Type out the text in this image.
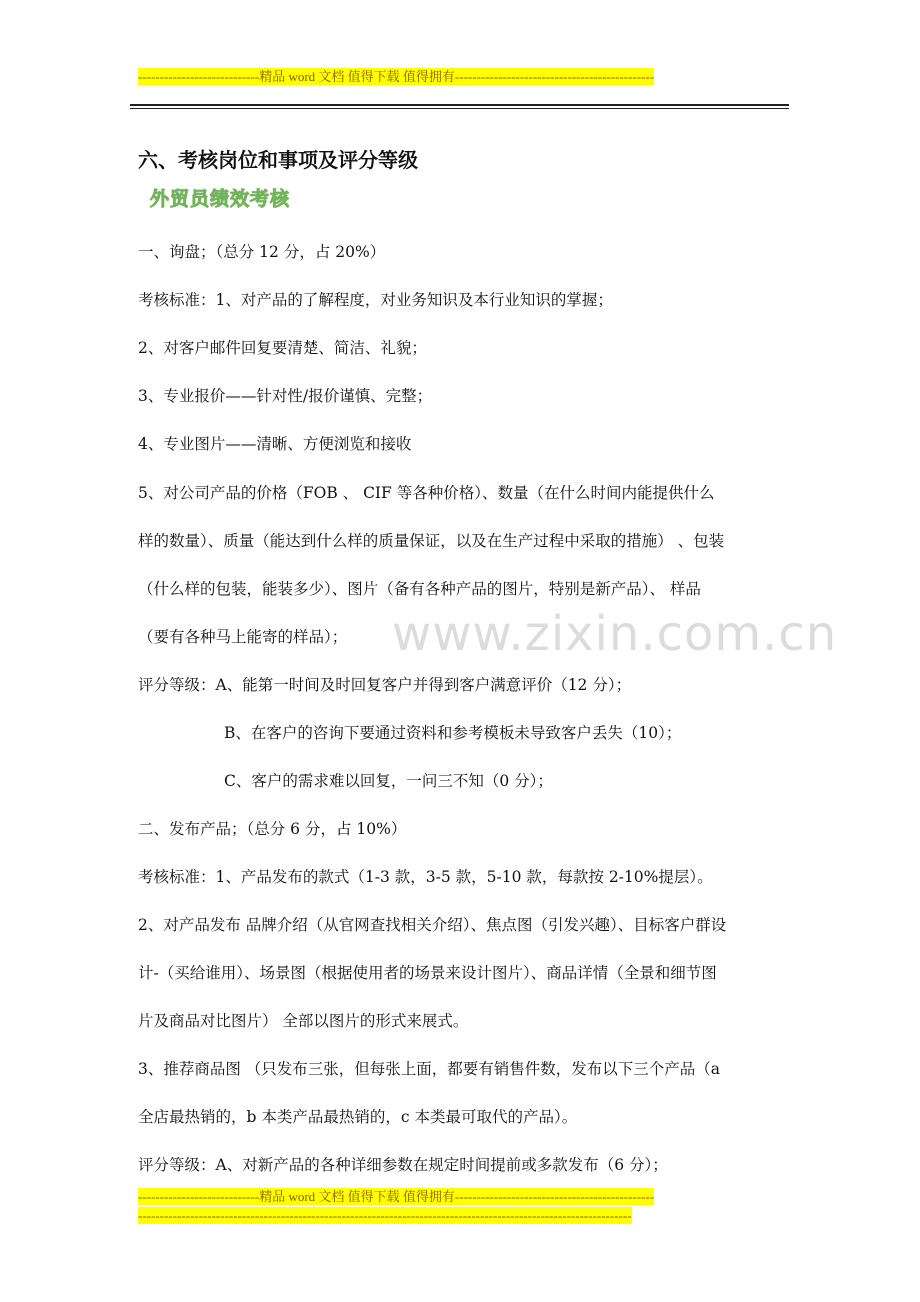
----------------------------精品 word 文档 值得下载 值得拥有----------------------------------------------
六、考核岗位和事项及评分等级
外贸员绩效考核
www.zixin.com.cn
一、询盘；（总分 12 分，占 20%）
考核标准：1、对产品的了解程度，对业务知识及本行业知识的掌握；
2、对客户邮件回复要清楚、简洁、礼貌；
3、专业报价——针对性/报价谨慎、完整；
4、专业图片——清晰、方便浏览和接收
5、对公司产品的价格（FOB 、 CIF 等各种价格）、数量（在什么时间内能提供什么
样的数量）、质量（能达到什么样的质量保证，以及在生产过程中采取的措施） 、包装
（什么样的包装，能装多少）、图片（备有各种产品的图片，特别是新产品）、 样品
（要有各种马上能寄的样品）；
评分等级：A、能第一时间及时回复客户并得到客户满意评价（12 分）；
B、在客户的咨询下要通过资料和参考模板未导致客户丢失（10）；
C、客户的需求难以回复，一问三不知（0 分）；
二、发布产品；（总分 6 分，占 10%）
考核标准：1、产品发布的款式（1-3 款，3-5 款，5-10 款，每款按 2-10%提层）。
2、对产品发布 品牌介绍（从官网查找相关介绍）、焦点图（引发兴趣）、目标客户群设
计-（买给谁用）、场景图（根据使用者的场景来设计图片）、商品详情（全景和细节图
片及商品对比图片） 全部以图片的形式来展式。
3、推荐商品图 （只发布三张，但每张上面，都要有销售件数，发布以下三个产品（a
全店最热销的，b 本类产品最热销的，c 本类最可取代的产品）。
评分等级：A、对新产品的各种详细参数在规定时间提前或多款发布（6 分）；
----------------------------精品 word 文档 值得下载 值得拥有----------------------------------------------
------------------------------------------------------------------------------------------------------------------
